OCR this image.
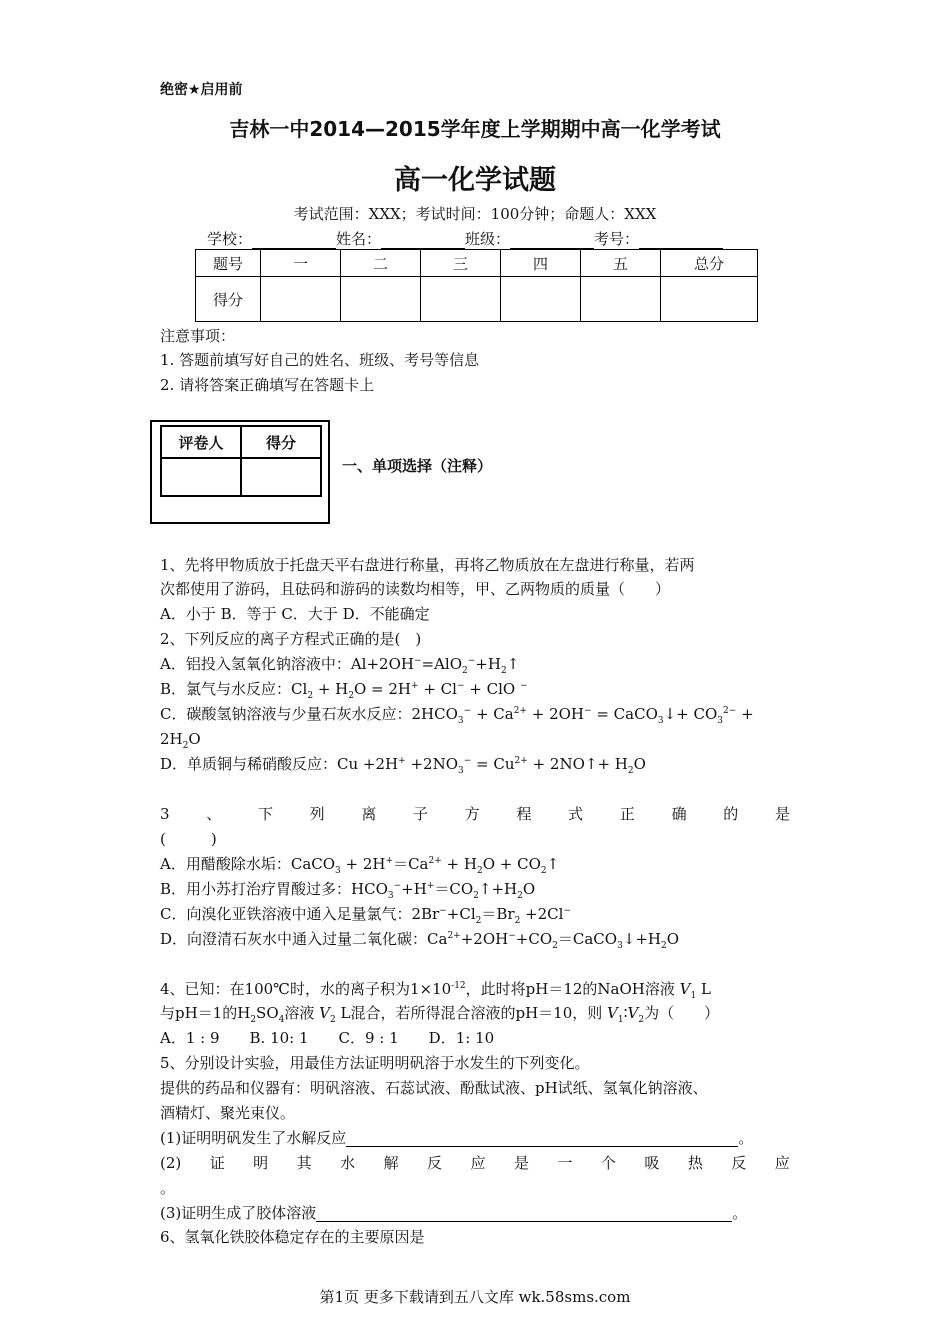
绝密★启用前
吉林一中2014—2015学年度上学期期中高一化学考试
高一化学试题
考试范围：XXX；考试时间：100分钟；命题人：XXX
学校：	姓名：	班级：	考号：
题号	一	二	三	四	五	总分
得分						
注意事项：
1. 答题前填写好自己的姓名、班级、考号等信息
2. 请将答案正确填写在答题卡上
评卷人	得分

一、单项选择（注释）
1、先将甲物质放于托盘天平右盘进行称量，再将乙物质放在左盘进行称量，若两
次都使用了游码，且砝码和游码的读数均相等，甲、乙两物质的质量（　　）
A．小于 B．等于 C．大于 D．不能确定
2、下列反应的离子方程式正确的是(　)
A．铝投入氢氧化钠溶液中：$Al+2OH^-=AlO_2^-+H_2↑$
B．氯气与水反应：$Cl_2 + H_2O = 2H^+ + Cl^-$ + ClO −
C．碳酸氢钠溶液与少量石灰水反应：$2HCO_3^- + Ca^{2+} + 2OH^-$ = CaCO$_3$↓+ $CO_3^{2-}$ +
$2H_2O$
D．单质铜与稀硝酸反应：$Cu +2H^+ +2NO_3^- = Cu^{2+}$ + 2NO↑+ $H_2O$
3 、 下 列 离 子 方 程 式 正 确 的 是
(　　　)
A．用醋酸除水垢：CaCO$_3$ + $2H^+=Ca^{2+} + H_2O$ + $CO_2↑$
B．用小苏打治疗胃酸过多：$HCO_3^-+H^+=CO_2↑+H_2O$
C．向溴化亚铁溶液中通入足量氯气：$2Br^-+Cl_2=Br_2 +2Cl^-$
D．向澄清石灰水中通入过量二氧化碳：$Ca^{2+}+2OH^-+CO_2=CaCO_3↓+H_2O$
4、已知：在100℃时，水的离子积为$1\times 10^{-12}$，此时将pH＝12的NaOH溶液 $V_1$ L
与pH＝1的$H_2SO_4$溶液 $V_2$ L混合，若所得混合溶液的pH＝10，则 $V_1∶V_2$为（　　）
A．1 : 9　　B. 10: 1　　C．9 : 1　　D．1: 10
5、分别设计实验，用最佳方法证明明矾溶于水发生的下列变化。
提供的药品和仪器有：明矾溶液、石蕊试液、酚酞试液、pH试纸、氢氧化钠溶液、
酒精灯、聚光束仪。
(1)证明明矾发生了水解反应	。
(2) 证 明 其 水 解 反 应 是 一 个 吸 热 反 应
。
(3)证明生成了胶体溶液	。
6、氢氧化铁胶体稳定存在的主要原因是
第1页 更多下载请到五八文库 wk.58sms.com
